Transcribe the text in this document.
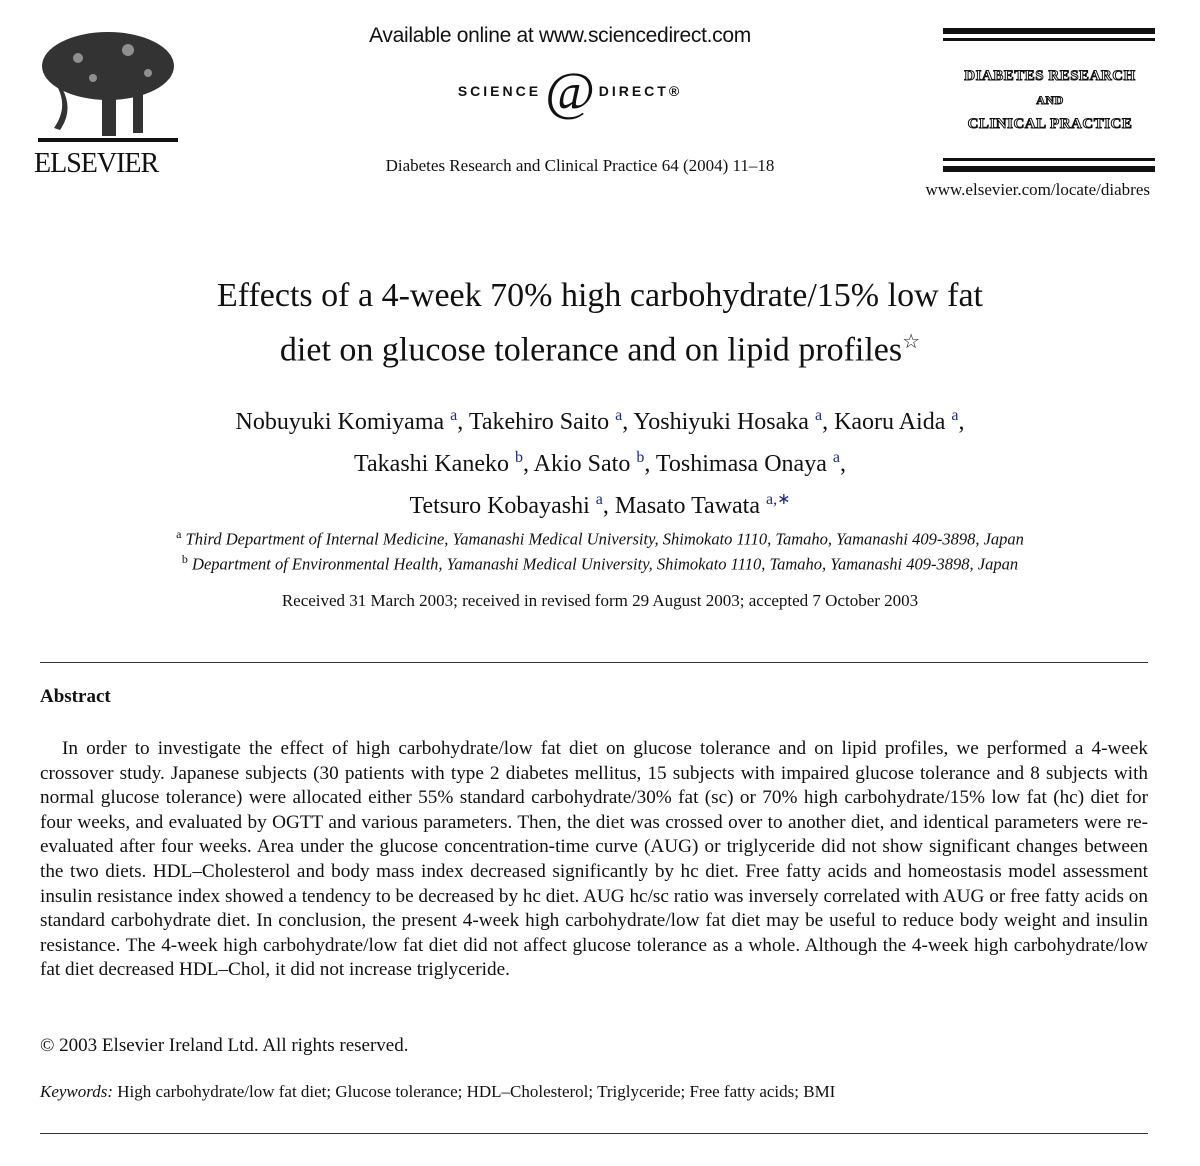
Available online at www.sciencedirect.com
SCIENCE @ DIRECT®
Diabetes Research and Clinical Practice 64 (2004) 11–18
ELSEVIER
DIABETES RESEARCH
AND
CLINICAL PRACTICE
www.elsevier.com/locate/diabres
Effects of a 4-week 70% high carbohydrate/15% low fat
diet on glucose tolerance and on lipid profiles☆
Nobuyuki Komiyama $^a$, Takehiro Saito $^a$, Yoshiyuki Hosaka $^a$, Kaoru Aida $^a$,
Takashi Kaneko $^b$, Akio Sato $^b$, Toshimasa Onaya $^a$,
Tetsuro Kobayashi $^a$, Masato Tawata $^{a,∗}$
$^a$ Third Department of Internal Medicine, Yamanashi Medical University, Shimokato 1110, Tamaho, Yamanashi 409-3898, Japan
$^b$ Department of Environmental Health, Yamanashi Medical University, Shimokato 1110, Tamaho, Yamanashi 409-3898, Japan
Received 31 March 2003; received in revised form 29 August 2003; accepted 7 October 2003
Abstract
In order to investigate the effect of high carbohydrate/low fat diet on glucose tolerance and on lipid profiles, we performed a 4-week crossover study. Japanese subjects (30 patients with type 2 diabetes mellitus, 15 subjects with impaired glucose tolerance and 8 subjects with normal glucose tolerance) were allocated either 55% standard carbohydrate/30% fat (sc) or 70% high carbohydrate/15% low fat (hc) diet for four weeks, and evaluated by OGTT and various parameters. Then, the diet was crossed over to another diet, and identical parameters were re-evaluated after four weeks. Area under the glucose concentration-time curve (AUG) or triglyceride did not show significant changes between the two diets. HDL–Cholesterol and body mass index decreased significantly by hc diet. Free fatty acids and homeostasis model assessment insulin resistance index showed a tendency to be decreased by hc diet. AUG hc/sc ratio was inversely correlated with AUG or free fatty acids on standard carbohydrate diet. In conclusion, the present 4-week high carbohydrate/low fat diet may be useful to reduce body weight and insulin resistance. The 4-week high carbohydrate/low fat diet did not affect glucose tolerance as a whole. Although the 4-week high carbohydrate/low fat diet decreased HDL–Chol, it did not increase triglyceride.
© 2003 Elsevier Ireland Ltd. All rights reserved.
Keywords: High carbohydrate/low fat diet; Glucose tolerance; HDL–Cholesterol; Triglyceride; Free fatty acids; BMI
